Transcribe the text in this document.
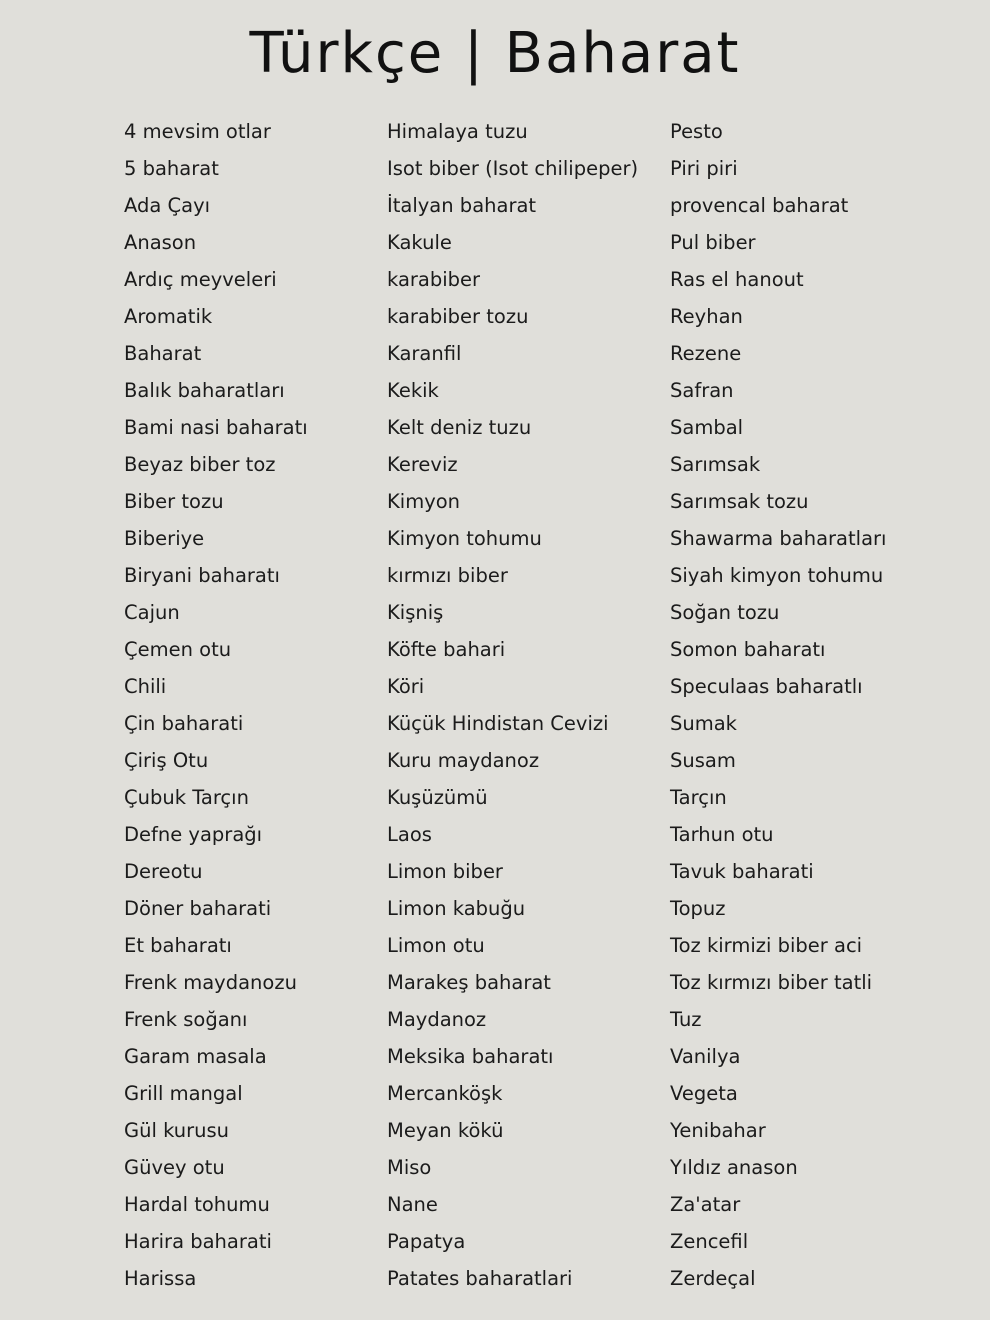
Türkçe | Baharat
4 mevsim otlar
5 baharat
Ada Çayı
Anason
Ardıç meyveleri
Aromatik
Baharat
Balık baharatları
Bami nasi baharatı
Beyaz biber toz
Biber tozu
Biberiye
Biryani baharatı
Cajun
Çemen otu
Chili
Çin baharati
Çiriş Otu
Çubuk Tarçın
Defne yaprağı
Dereotu
Döner baharati
Et baharatı
Frenk maydanozu
Frenk soğanı
Garam masala
Grill mangal
Gül kurusu
Güvey otu
Hardal tohumu
Harira baharati
Harissa
Himalaya tuzu
Isot biber (Isot chilipeper)
İtalyan baharat
Kakule
karabiber
karabiber tozu
Karanfil
Kekik
Kelt deniz tuzu
Kereviz
Kimyon
Kimyon tohumu
kırmızı biber
Kişniş
Köfte bahari
Köri
Küçük Hindistan Cevizi
Kuru maydanoz
Kuşüzümü
Laos
Limon biber
Limon kabuğu
Limon otu
Marakeş baharat
Maydanoz
Meksika baharatı
Mercanköşk
Meyan kökü
Miso
Nane
Papatya
Patates baharatlari
Pesto
Piri piri
provencal baharat
Pul biber
Ras el hanout
Reyhan
Rezene
Safran
Sambal
Sarımsak
Sarımsak tozu
Shawarma baharatları
Siyah kimyon tohumu
Soğan tozu
Somon baharatı
Speculaas baharatlı
Sumak
Susam
Tarçın
Tarhun otu
Tavuk baharati
Topuz
Toz kirmizi biber aci
Toz kırmızı biber tatli
Tuz
Vanilya
Vegeta
Yenibahar
Yıldız anason
Za'atar
Zencefil
Zerdeçal
